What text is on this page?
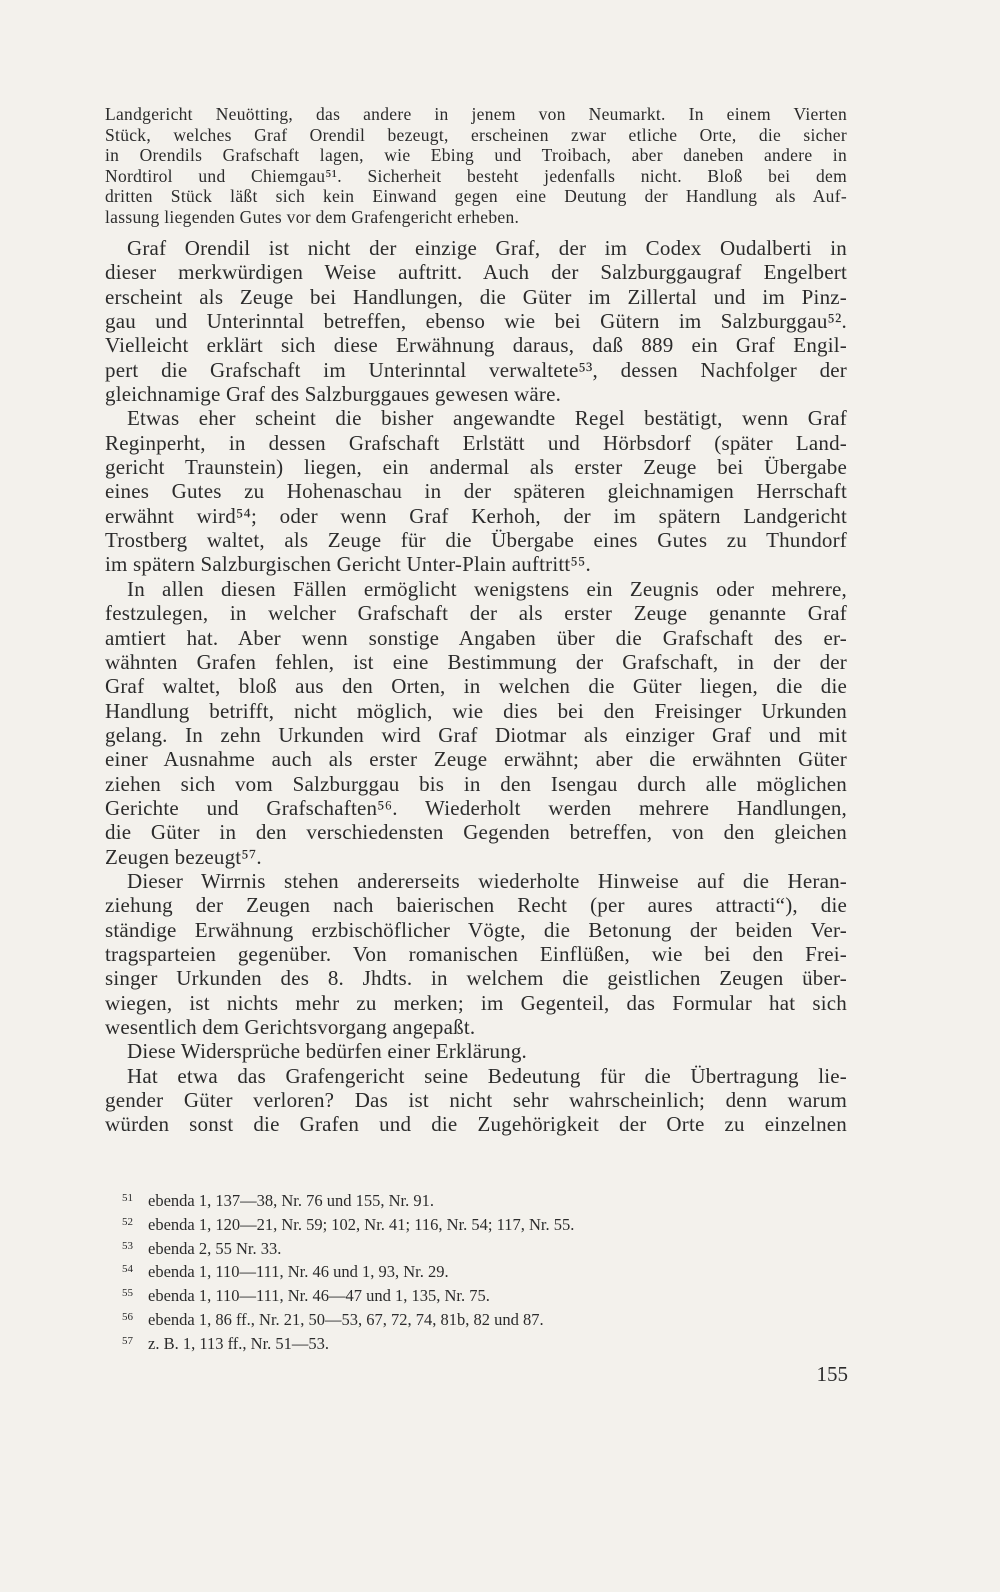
Landgericht Neuötting, das andere in jenem von Neumarkt. In einem Vierten
Stück, welches Graf Orendil bezeugt, erscheinen zwar etliche Orte, die sicher
in Orendils Grafschaft lagen, wie Ebing und Troibach, aber daneben andere in
Nordtirol und Chiemgau⁵¹. Sicherheit besteht jedenfalls nicht. Bloß bei dem
dritten Stück läßt sich kein Einwand gegen eine Deutung der Handlung als Auf-
lassung liegenden Gutes vor dem Grafengericht erheben.
Graf Orendil ist nicht der einzige Graf, der im Codex Oudalberti in
dieser merkwürdigen Weise auftritt. Auch der Salzburggaugraf Engelbert
erscheint als Zeuge bei Handlungen, die Güter im Zillertal und im Pinz-
gau und Unterinntal betreffen, ebenso wie bei Gütern im Salzburggau⁵².
Vielleicht erklärt sich diese Erwähnung daraus, daß 889 ein Graf Engil-
pert die Grafschaft im Unterinntal verwaltete⁵³, dessen Nachfolger der
gleichnamige Graf des Salzburggaues gewesen wäre.
Etwas eher scheint die bisher angewandte Regel bestätigt, wenn Graf
Reginperht, in dessen Grafschaft Erlstätt und Hörbsdorf (später Land-
gericht Traunstein) liegen, ein andermal als erster Zeuge bei Übergabe
eines Gutes zu Hohenaschau in der späteren gleichnamigen Herrschaft
erwähnt wird⁵⁴; oder wenn Graf Kerhoh, der im spätern Landgericht
Trostberg waltet, als Zeuge für die Übergabe eines Gutes zu Thundorf
im spätern Salzburgischen Gericht Unter-Plain auftritt⁵⁵.
In allen diesen Fällen ermöglicht wenigstens ein Zeugnis oder mehrere,
festzulegen, in welcher Grafschaft der als erster Zeuge genannte Graf
amtiert hat. Aber wenn sonstige Angaben über die Grafschaft des er-
wähnten Grafen fehlen, ist eine Bestimmung der Grafschaft, in der der
Graf waltet, bloß aus den Orten, in welchen die Güter liegen, die die
Handlung betrifft, nicht möglich, wie dies bei den Freisinger Urkunden
gelang. In zehn Urkunden wird Graf Diotmar als einziger Graf und mit
einer Ausnahme auch als erster Zeuge erwähnt; aber die erwähnten Güter
ziehen sich vom Salzburggau bis in den Isengau durch alle möglichen
Gerichte und Grafschaften⁵⁶. Wiederholt werden mehrere Handlungen,
die Güter in den verschiedensten Gegenden betreffen, von den gleichen
Zeugen bezeugt⁵⁷.
Dieser Wirrnis stehen andererseits wiederholte Hinweise auf die Heran-
ziehung der Zeugen nach baierischen Recht (per aures attracti“), die
ständige Erwähnung erzbischöflicher Vögte, die Betonung der beiden Ver-
tragsparteien gegenüber. Von romanischen Einflüßen, wie bei den Frei-
singer Urkunden des 8. Jhdts. in welchem die geistlichen Zeugen über-
wiegen, ist nichts mehr zu merken; im Gegenteil, das Formular hat sich
wesentlich dem Gerichtsvorgang angepaßt.
Diese Widersprüche bedürfen einer Erklärung.
Hat etwa das Grafengericht seine Bedeutung für die Übertragung lie-
gender Güter verloren? Das ist nicht sehr wahrscheinlich; denn warum
würden sonst die Grafen und die Zugehörigkeit der Orte zu einzelnen
51 ebenda 1, 137—38, Nr. 76 und 155, Nr. 91.
52 ebenda 1, 120—21, Nr. 59; 102, Nr. 41; 116, Nr. 54; 117, Nr. 55.
53 ebenda 2, 55 Nr. 33.
54 ebenda 1, 110—111, Nr. 46 und 1, 93, Nr. 29.
55 ebenda 1, 110—111, Nr. 46—47 und 1, 135, Nr. 75.
56 ebenda 1, 86 ff., Nr. 21, 50—53, 67, 72, 74, 81b, 82 und 87.
57 z. B. 1, 113 ff., Nr. 51—53.
155
